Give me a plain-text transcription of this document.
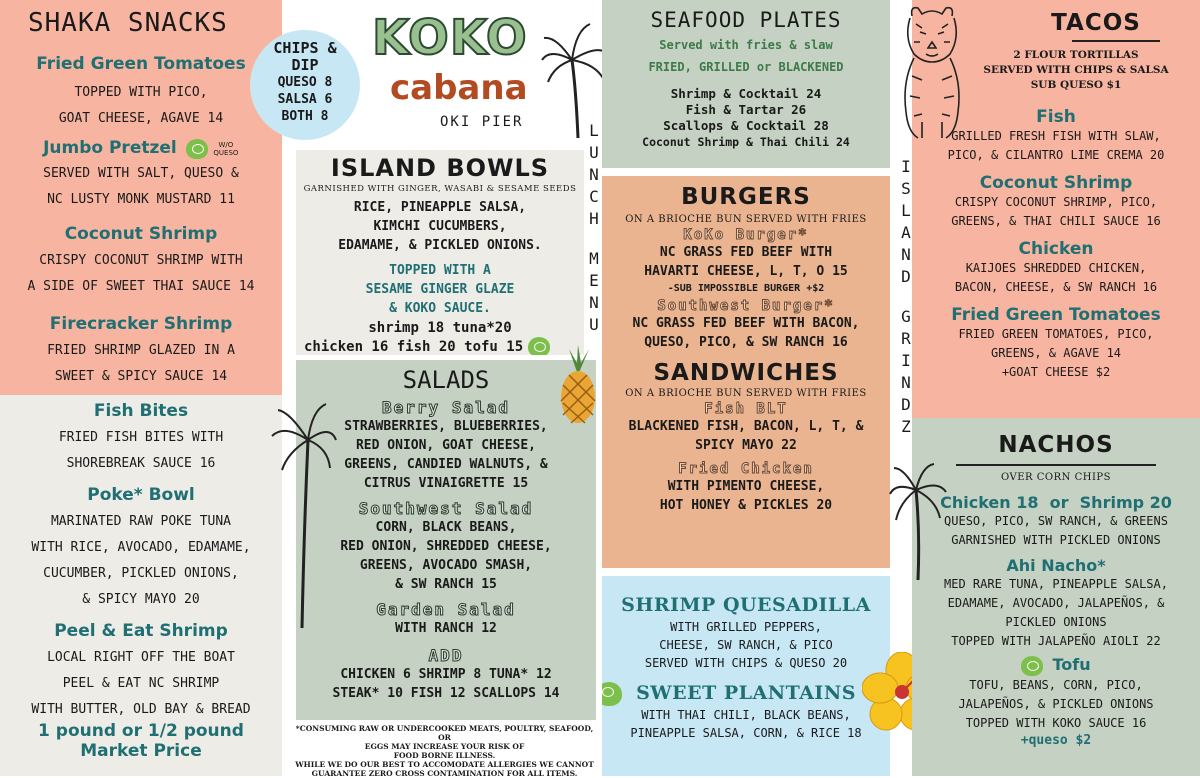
SHAKA SNACKS
Fried Green Tomatoes
TOPPED WITH PICO,
GOAT CHEESE, AGAVE 14
Jumbo Pretzel	W/O QUESO
SERVED WITH SALT, QUESO &
NC LUSTY MONK MUSTARD 11
Coconut Shrimp
CRISPY COCONUT SHRIMP WITH
A SIDE OF SWEET THAI SAUCE 14
Firecracker Shrimp
FRIED SHRIMP GLAZED IN A
SWEET & SPICY SAUCE 14
Fish Bites
FRIED FISH BITES WITH
SHOREBREAK SAUCE 16
Poke* Bowl
MARINATED RAW POKE TUNA
WITH RICE, AVOCADO, EDAMAME,
CUCUMBER, PICKLED ONIONS,
& SPICY MAYO 20
Peel & Eat Shrimp
LOCAL RIGHT OFF THE BOAT
PEEL & EAT NC SHRIMP
WITH BUTTER, OLD BAY & BREAD
1 pound or 1/2 pound
Market Price
CHIPS &
DIP
QUESO 8
SALSA 6
BOTH 8
KOKO
cabana
OKI PIER	L
U
N
C
H
M
E
N
U
ISLAND BOWLS
GARNISHED WITH GINGER, WASABI & SESAME SEEDS
RICE, PINEAPPLE SALSA,
KIMCHI CUCUMBERS,
EDAMAME, & PICKLED ONIONS.
TOPPED WITH A
SESAME GINGER GLAZE
& KOKO SAUCE.
shrimp 18 tuna*20
chicken 16 fish 20 tofu 15
SALADS
Berry Salad
STRAWBERRIES, BLUEBERRIES,
RED ONION, GOAT CHEESE,
GREENS, CANDIED WALNUTS, &
CITRUS VINAIGRETTE 15
Southwest Salad
CORN, BLACK BEANS,
RED ONION, SHREDDED CHEESE,
GREENS, AVOCADO SMASH,
& SW RANCH 15
Garden Salad
WITH RANCH 12
ADD
CHICKEN 6 SHRIMP 8 TUNA* 12
STEAK* 10 FISH 12 SCALLOPS 14
*CONSUMING RAW OR UNDERCOOKED MEATS, POULTRY, SEAFOOD, OR
EGGS MAY INCREASE YOUR RISK OF
FOOD BORNE ILLNESS.
WHILE WE DO OUR BEST TO ACCOMODATE ALLERGIES WE CANNOT
GUARANTEE ZERO CROSS CONTAMINATION FOR ALL ITEMS.
SEAFOOD PLATES
Served with fries & slaw
FRIED, GRILLED or BLACKENED
Shrimp & Cocktail 24
Fish & Tartar 26
Scallops & Cocktail 28
Coconut Shrimp & Thai Chili 24
BURGERS
ON A BRIOCHE BUN SERVED WITH FRIES
KoKo Burger*
NC GRASS FED BEEF WITH
HAVARTI CHEESE, L, T, O 15
-SUB IMPOSSIBLE BURGER +$2
Southwest Burger*
NC GRASS FED BEEF WITH BACON,
QUESO, PICO, & SW RANCH 16
SANDWICHES
ON A BRIOCHE BUN SERVED WITH FRIES
Fish BLT
BLACKENED FISH, BACON, L, T, &
SPICY MAYO 22
Fried Chicken
WITH PIMENTO CHEESE,
HOT HONEY & PICKLES 20
SHRIMP QUESADILLA
WITH GRILLED PEPPERS,
CHEESE, SW RANCH, & PICO
SERVED WITH CHIPS & QUESO 20
SWEET PLANTAINS
WITH THAI CHILI, BLACK BEANS,
PINEAPPLE SALSA, CORN, & RICE 18
I
S
L
A
N
D
G
R
I
N
D
Z
TACOS
2 FLOUR TORTILLAS
SERVED WITH CHIPS & SALSA
SUB QUESO $1
Fish
GRILLED FRESH FISH WITH SLAW,
PICO, & CILANTRO LIME CREMA 20
Coconut Shrimp
CRISPY COCONUT SHRIMP, PICO,
GREENS, & THAI CHILI SAUCE 16
Chicken
KAIJOES SHREDDED CHICKEN,
BACON, CHEESE, & SW RANCH 16
Fried Green Tomatoes
FRIED GREEN TOMATOES, PICO,
GREENS, & AGAVE 14
+GOAT CHEESE $2
NACHOS
OVER CORN CHIPS
Chicken 18  or  Shrimp 20
QUESO, PICO, SW RANCH, & GREENS
GARNISHED WITH PICKLED ONIONS
Ahi Nacho*
MED RARE TUNA, PINEAPPLE SALSA,
EDAMAME, AVOCADO, JALAPEÑOS, &
PICKLED ONIONS
TOPPED WITH JALAPEÑO AIOLI 22
Tofu
TOFU, BEANS, CORN, PICO,
JALAPEÑOS, & PICKLED ONIONS
TOPPED WITH KOKO SAUCE 16
+queso $2
